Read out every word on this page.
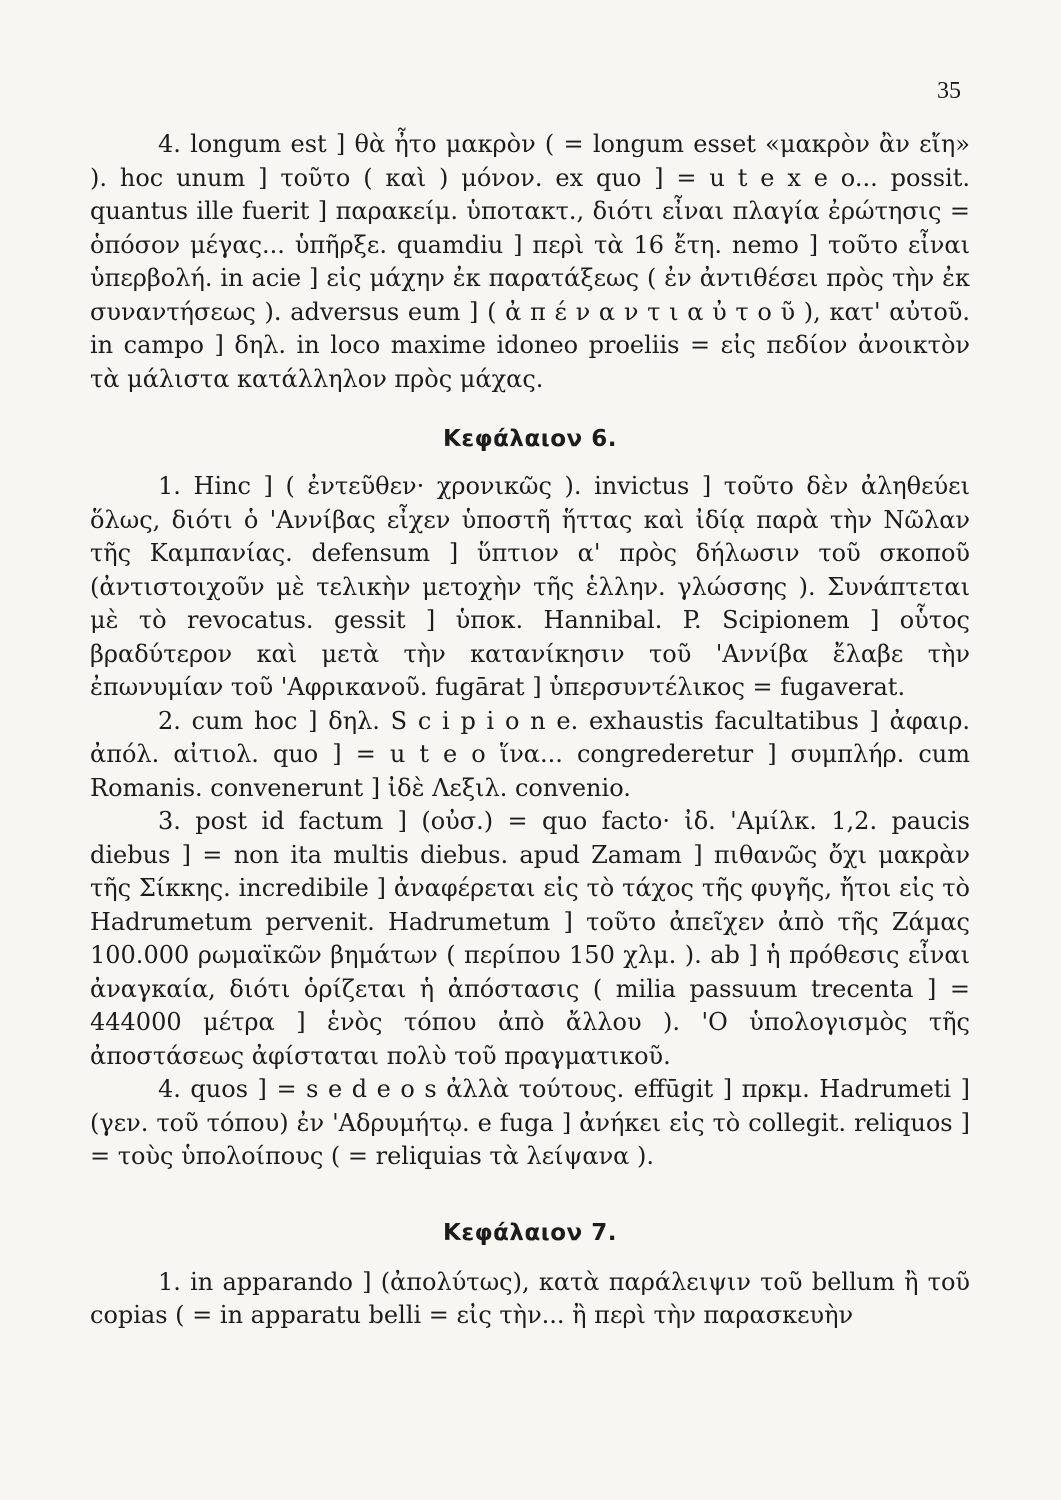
35

4. longum est ] θὰ ἦτο μακρὸν ( = longum esset «μακρὸν ἂν εἴη» ). hoc unum ] τοῦτο ( καὶ ) μόνον. ex quo ] = u t e x e o... possit. quantus ille fuerit ] παρακείμ. ὑποτακτ., διότι εἶναι πλαγία ἐρώτησις = ὁπόσον μέγας... ὑπῆρξε. quamdiu ] περὶ τὰ 16 ἔτη. nemo ] τοῦτο εἶναι ὑπερβολή. in acie ] εἰς μάχην ἐκ παρατάξεως ( ἐν ἀντιθέσει πρὸς τὴν ἐκ συναντήσεως ). adversus eum ] ( ἀ π έ ν α ν τ ι α ὐ τ ο ῦ ), κατ' αὐτοῦ. in campo ] δηλ. in loco maxime idoneo proeliis = εἰς πεδίον ἀνοικτὸν τὰ μάλιστα κατάλληλον πρὸς μάχας.

Κεφάλαιον 6.

1. Hinc ] ( ἐντεῦθεν· χρονικῶς ). invictus ] τοῦτο δὲν ἀληθεύει ὅλως, διότι ὁ 'Αννίβας εἶχεν ὑποστῆ ἥττας καὶ ἰδίᾳ παρὰ τὴν Νῶλαν τῆς Καμπανίας. defensum ] ὕπτιον α' πρὸς δήλωσιν τοῦ σκοποῦ (ἀντιστοιχοῦν μὲ τελικὴν μετοχὴν τῆς ἑλλην. γλώσσης ). Συνάπτεται μὲ τὸ revocatus. gessit ] ὑποκ. Hannibal. P. Scipionem ] οὗτος βραδύτερον καὶ μετὰ τὴν κατανίκησιν τοῦ 'Αννίβα ἔλαβε τὴν ἐπωνυμίαν τοῦ 'Αφρικανοῦ. fugārat ] ὑπερσυντέλικος = fugaverat.

2. cum hoc ] δηλ. S c i p i o n e. exhaustis facultatibus ] ἀφαιρ. ἀπόλ. αἰτιολ. quo ] = u t e o ἵνα... congrederetur ] συμπλήρ. cum Romanis. convenerunt ] ἰδὲ Λεξιλ. convenio.

3. post id factum ] (οὐσ.) = quo facto· ἰδ. 'Αμίλκ. 1,2. paucis diebus ] = non ita multis diebus. apud Zamam ] πιθανῶς ὄχι μακρὰν τῆς Σίκκης. incredibile ] ἀναφέρεται εἰς τὸ τάχος τῆς φυγῆς, ἤτοι εἰς τὸ Hadrumetum pervenit. Hadrumetum ] τοῦτο ἀπεῖχεν ἀπὸ τῆς Ζάμας 100.000 ρωμαϊκῶν βημάτων ( περίπου 150 χλμ. ). ab ] ἡ πρόθεσις εἶναι ἀναγκαία, διότι ὁρίζεται ἡ ἀπόστασις ( milia passuum trecenta ] = 444000 μέτρα ] ἑνὸς τόπου ἀπὸ ἄλλου ). 'Ο ὑπολογισμὸς τῆς ἀποστάσεως ἀφίσταται πολὺ τοῦ πραγματικοῦ.

4. quos ] = s e d e o s ἀλλὰ τούτους. effūgit ] πρκμ. Hadrumeti ] (γεν. τοῦ τόπου) ἐν 'Αδρυμήτῳ. e fuga ] ἀνήκει εἰς τὸ collegit. reliquos ] = τοὺς ὑπολοίπους ( = reliquias τὰ λείψανα ).

Κεφάλαιον 7.

1. in apparando ] (ἀπολύτως), κατὰ παράλειψιν τοῦ bellum ἢ τοῦ copias ( = in apparatu belli = εἰς τὴν... ἢ περὶ τὴν παρασκευὴν
